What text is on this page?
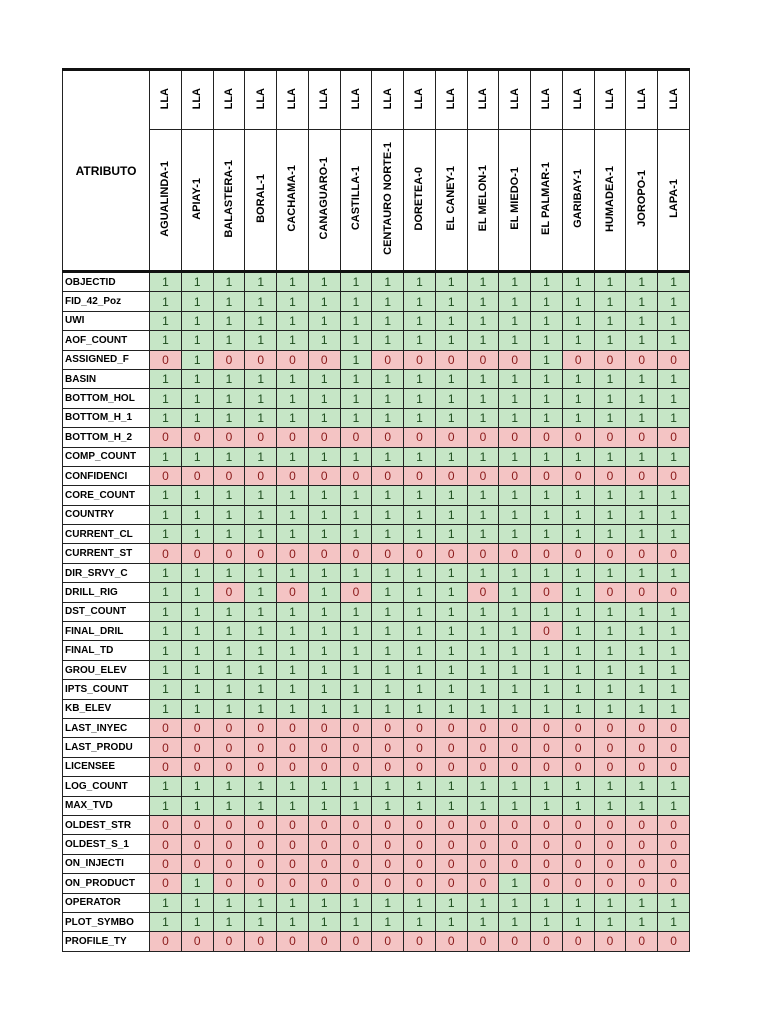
ATRIBUTO	LLA	LLA	LLA	LLA	LLA	LLA	LLA	LLA	LLA	LLA	LLA	LLA	LLA	LLA	LLA	LLA	LLA
	AGUALINDA-1	APIAY-1	BALASTERA-1	BORAL-1	CACHAMA-1	CANAGUARO-1	CASTILLA-1	CENTAURO NORTE-1	DORETEA-0	EL CANEY-1	EL MELON-1	EL MIEDO-1	EL PALMAR-1	GARIBAY-1	HUMADEA-1	JOROPO-1	LAPA-1
OBJECTID	1	1	1	1	1	1	1	1	1	1	1	1	1	1	1	1	1
FID_42_Poz	1	1	1	1	1	1	1	1	1	1	1	1	1	1	1	1	1
UWI	1	1	1	1	1	1	1	1	1	1	1	1	1	1	1	1	1
AOF_COUNT	1	1	1	1	1	1	1	1	1	1	1	1	1	1	1	1	1
ASSIGNED_F	0	1	0	0	0	0	1	0	0	0	0	0	1	0	0	0	0
BASIN	1	1	1	1	1	1	1	1	1	1	1	1	1	1	1	1	1
BOTTOM_HOL	1	1	1	1	1	1	1	1	1	1	1	1	1	1	1	1	1
BOTTOM_H_1	1	1	1	1	1	1	1	1	1	1	1	1	1	1	1	1	1
BOTTOM_H_2	0	0	0	0	0	0	0	0	0	0	0	0	0	0	0	0	0
COMP_COUNT	1	1	1	1	1	1	1	1	1	1	1	1	1	1	1	1	1
CONFIDENCI	0	0	0	0	0	0	0	0	0	0	0	0	0	0	0	0	0
CORE_COUNT	1	1	1	1	1	1	1	1	1	1	1	1	1	1	1	1	1
COUNTRY	1	1	1	1	1	1	1	1	1	1	1	1	1	1	1	1	1
CURRENT_CL	1	1	1	1	1	1	1	1	1	1	1	1	1	1	1	1	1
CURRENT_ST	0	0	0	0	0	0	0	0	0	0	0	0	0	0	0	0	0
DIR_SRVY_C	1	1	1	1	1	1	1	1	1	1	1	1	1	1	1	1	1
DRILL_RIG	1	1	0	1	0	1	0	1	1	1	0	1	0	1	0	0	0
DST_COUNT	1	1	1	1	1	1	1	1	1	1	1	1	1	1	1	1	1
FINAL_DRIL	1	1	1	1	1	1	1	1	1	1	1	1	0	1	1	1	1
FINAL_TD	1	1	1	1	1	1	1	1	1	1	1	1	1	1	1	1	1
GROU_ELEV	1	1	1	1	1	1	1	1	1	1	1	1	1	1	1	1	1
IPTS_COUNT	1	1	1	1	1	1	1	1	1	1	1	1	1	1	1	1	1
KB_ELEV	1	1	1	1	1	1	1	1	1	1	1	1	1	1	1	1	1
LAST_INYEC	0	0	0	0	0	0	0	0	0	0	0	0	0	0	0	0	0
LAST_PRODU	0	0	0	0	0	0	0	0	0	0	0	0	0	0	0	0	0
LICENSEE	0	0	0	0	0	0	0	0	0	0	0	0	0	0	0	0	0
LOG_COUNT	1	1	1	1	1	1	1	1	1	1	1	1	1	1	1	1	1
MAX_TVD	1	1	1	1	1	1	1	1	1	1	1	1	1	1	1	1	1
OLDEST_STR	0	0	0	0	0	0	0	0	0	0	0	0	0	0	0	0	0
OLDEST_S_1	0	0	0	0	0	0	0	0	0	0	0	0	0	0	0	0	0
ON_INJECTI	0	0	0	0	0	0	0	0	0	0	0	0	0	0	0	0	0
ON_PRODUCT	0	1	0	0	0	0	0	0	0	0	0	1	0	0	0	0	0
OPERATOR	1	1	1	1	1	1	1	1	1	1	1	1	1	1	1	1	1
PLOT_SYMBO	1	1	1	1	1	1	1	1	1	1	1	1	1	1	1	1	1
PROFILE_TY	0	0	0	0	0	0	0	0	0	0	0	0	0	0	0	0	0
